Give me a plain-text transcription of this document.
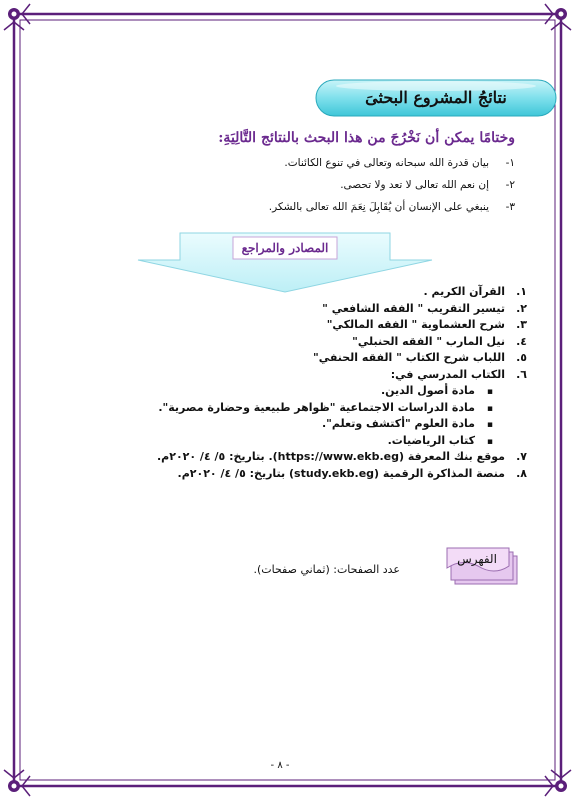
نتائجُ المشروع البحثىَ
وختامًا يمكن أن نَخْرُجَ من هذا البحث بالنتائج التَّالِيَةِ:
١-بيان قدرة الله سبحانه وتعالى في تنوع الكائنات.
٢-إن نعم الله تعالى لا تعد ولا تحصى.
٣-ينبغي على الإنسان أن يُقَابِلَ نِعَمَ الله تعالى بالشكر.
المصادر والمراجع
١.القرآن الكريم .
٢.تيسير التقريب " الفقه الشافعي "
٣.شرح العشماوية " الفقه المالكي"
٤.نيل المارب " الفقه الحنبلي"
٥.اللباب شرح الكتاب " الفقه الحنفي"
٦.الكتاب المدرسي في:
▪ مادة أصول الدين.
▪ مادة الدراسات الاجتماعية "ظواهر طبيعية وحضارة مصرية".
▪ مادة العلوم "أكتشف وتعلم".
▪ كتاب الرياضيات.
٧.موقع بنك المعرفة (https://www.ekb.eg). بتاريخ: ٥/ ٤/ ٢٠٢٠م.
٨.منصة المذاكرة الرقمية (study.ekb.eg) بتاريخ: ٥/ ٤/ ٢٠٢٠م.
الفهرس
عدد الصفحات: (ثماني صفحات).
- ٨ -
